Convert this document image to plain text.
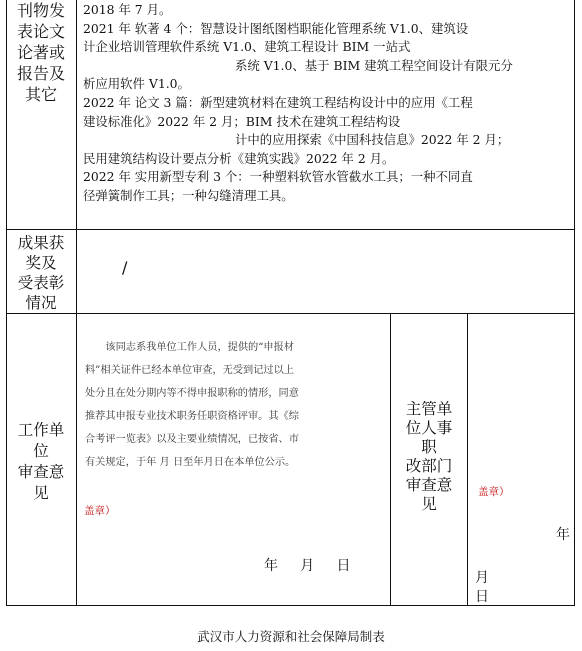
刊物发
表论文
论著或
报告及
其它

2018 年 7 月。

2021 年 软著 4 个：智慧设计图纸图档职能化管理系统 V1.0、建筑设

计企业培训管理软件系统 V1.0、建筑工程设计 BIM 一站式

系统 V1.0、基于 BIM 建筑工程空间设计有限元分

析应用软件 V1.0。

2022 年 论文 3 篇：新型建筑材料在建筑工程结构设计中的应用《工程

建设标准化》2022 年 2 月；BIM 技术在建筑工程结构设

计中的应用探索《中国科技信息》2022 年 2 月；

民用建筑结构设计要点分析《建筑实践》2022 年 2 月。

2022 年 实用新型专利 3 个：一种塑料软管水管截水工具；一种不同直

径弹簧制作工具；一种勾缝清理工具。

成果获
奖及
受表彰
情况
/
工作单
位
审查意
见
该同志系我单位工作人员，提供的“申报材
料”相关证件已经本单位审查，无受到记过以上
处分且在处分期内等不得申报职称的情形，同意
推荐其申报专业技术职务任职资格评审。其《综
合考评一览表》以及主要业绩情况，已按省、市
有关规定，于年 月 日至年月日在本单位公示。
盖章）
年     月     日
主管单
位人事
职
改部门
审查意
见
盖章）
年
月
日
武汉市人力资源和社会保障局制表
